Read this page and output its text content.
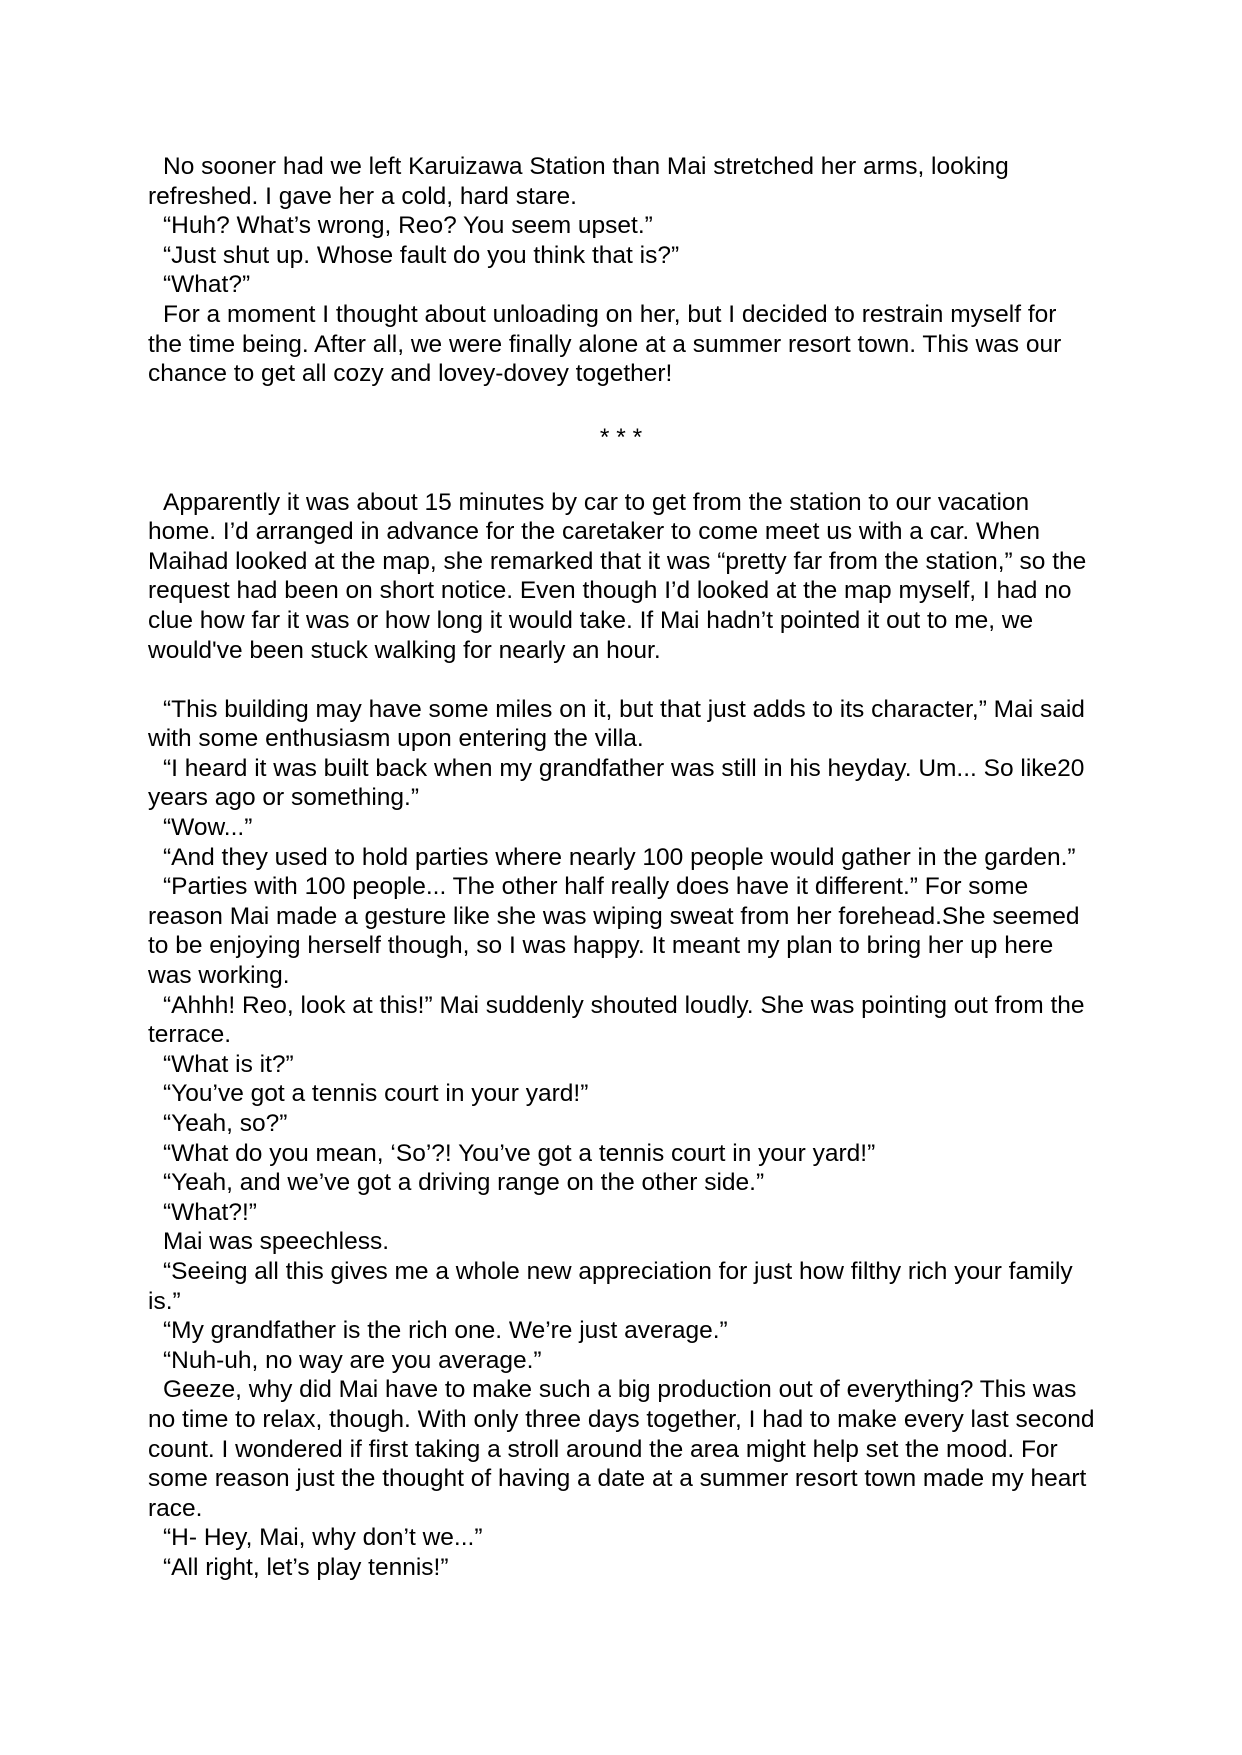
No sooner had we left Karuizawa Station than Mai stretched her arms, looking
refreshed. I gave her a cold, hard stare.
“Huh? What’s wrong, Reo? You seem upset.”
“Just shut up. Whose fault do you think that is?”
“What?”
For a moment I thought about unloading on her, but I decided to restrain myself for
the time being. After all, we were finally alone at a summer resort town. This was our
chance to get all cozy and lovey-dovey together!
* * *
Apparently it was about 15 minutes by car to get from the station to our vacation
home. I’d arranged in advance for the caretaker to come meet us with a car. When
Maihad looked at the map, she remarked that it was “pretty far from the station,” so the
request had been on short notice. Even though I’d looked at the map myself, I had no
clue how far it was or how long it would take. If Mai hadn’t pointed it out to me, we
would've been stuck walking for nearly an hour.
“This building may have some miles on it, but that just adds to its character,” Mai said
with some enthusiasm upon entering the villa.
“I heard it was built back when my grandfather was still in his heyday. Um... So like20
years ago or something.”
“Wow...”
“And they used to hold parties where nearly 100 people would gather in the garden.”
“Parties with 100 people... The other half really does have it different.” For some
reason Mai made a gesture like she was wiping sweat from her forehead.She seemed
to be enjoying herself though, so I was happy. It meant my plan to bring her up here
was working.
“Ahhh! Reo, look at this!” Mai suddenly shouted loudly. She was pointing out from the
terrace.
“What is it?”
“You’ve got a tennis court in your yard!”
“Yeah, so?”
“What do you mean, ‘So’?! You’ve got a tennis court in your yard!”
“Yeah, and we’ve got a driving range on the other side.”
“What?!”
Mai was speechless.
“Seeing all this gives me a whole new appreciation for just how filthy rich your family
is.”
“My grandfather is the rich one. We’re just average.”
“Nuh-uh, no way are you average.”
Geeze, why did Mai have to make such a big production out of everything? This was
no time to relax, though. With only three days together, I had to make every last second
count. I wondered if first taking a stroll around the area might help set the mood. For
some reason just the thought of having a date at a summer resort town made my heart
race.
“H- Hey, Mai, why don’t we...”
“All right, let’s play tennis!”
